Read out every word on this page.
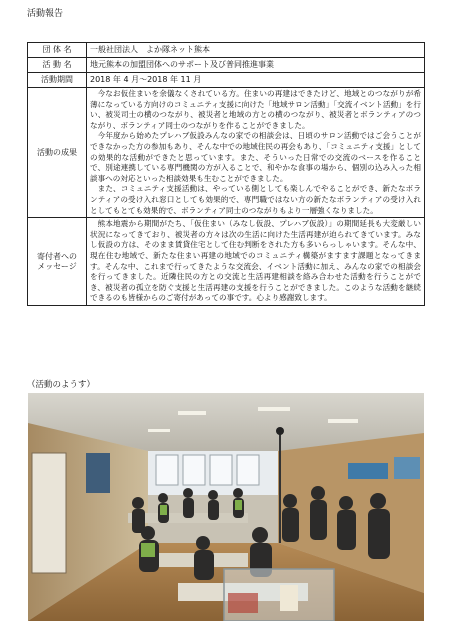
活動報告
団 体 名	一般社団法人　よか隊ネット熊本
活 動 名	地元熊本の加盟団体へのサポート及び普同推進事業
活動期間	2018 年 4 月〜2018 年 11 月
活動の成果	今なお仮住まいを余儀なくされている方。住まいの再建はできたけど、地域とのつながりが希薄になっている方向けのコミュニティ支援に向けた「地域サロン活動」「交流イベント活動」を行い、被災司士の横のつながり、被災者と地域の方との横のつながり、被災者とボランティアのつながり、ボランティア同士のつながりを作ることができました。

今年度から始めたプレハブ仮設みんなの家での相談会は、日頃のサロン活動ではご会うことができなかった方の参加もあり、そんな中での地域住民の再会もあり、「コミュニティ支援」としての効果的な活動ができたと思っています。また、そういった日常での交流のベースを作ることで、別途連携している専門機関の方が入ることで、和やかな食事の場から、個別の込み入った相談事への対応といった相談効果も生むことができました。

また、コミュニティ支援活動は、やっている側としても楽しんでやることができ、新たなボランティアの受け入れ窓口としても効果的で、専門職ではない方の新たなボランティアの受け入れとしてもとても効果的で、ボランティア同士のつながりもより一層強くなりました。

寄付者への
メッセージ	熊本地震から期間がたち、「仮住まい（みなし仮設、プレハブ仮設）」の期間延長も大変厳しい状況になってきており、被災者の方々は次の生活に向けた生活再建が迫られてきています。みなし仮設の方は、そのまま賃貸住宅として住む判断をされた方も多いらっしゃいます。そんな中、現在住む地域で、新たな住まい再建の地域でのコミュニティ構築がますます課題となってきます。そんな中、これまで行ってきたような交流会、イベント活動に加え、みんなの家での相談会を行ってきました。近隣住民の方との交流と生活再建相談を絡み合わせた活動を行うことができ、被災者の孤立を防ぐ支援と生活再建の支援を行うことができました。このような活動を継続できるのも皆様からのご寄付があっての事です。心より感謝致します。

（活動のようす）
